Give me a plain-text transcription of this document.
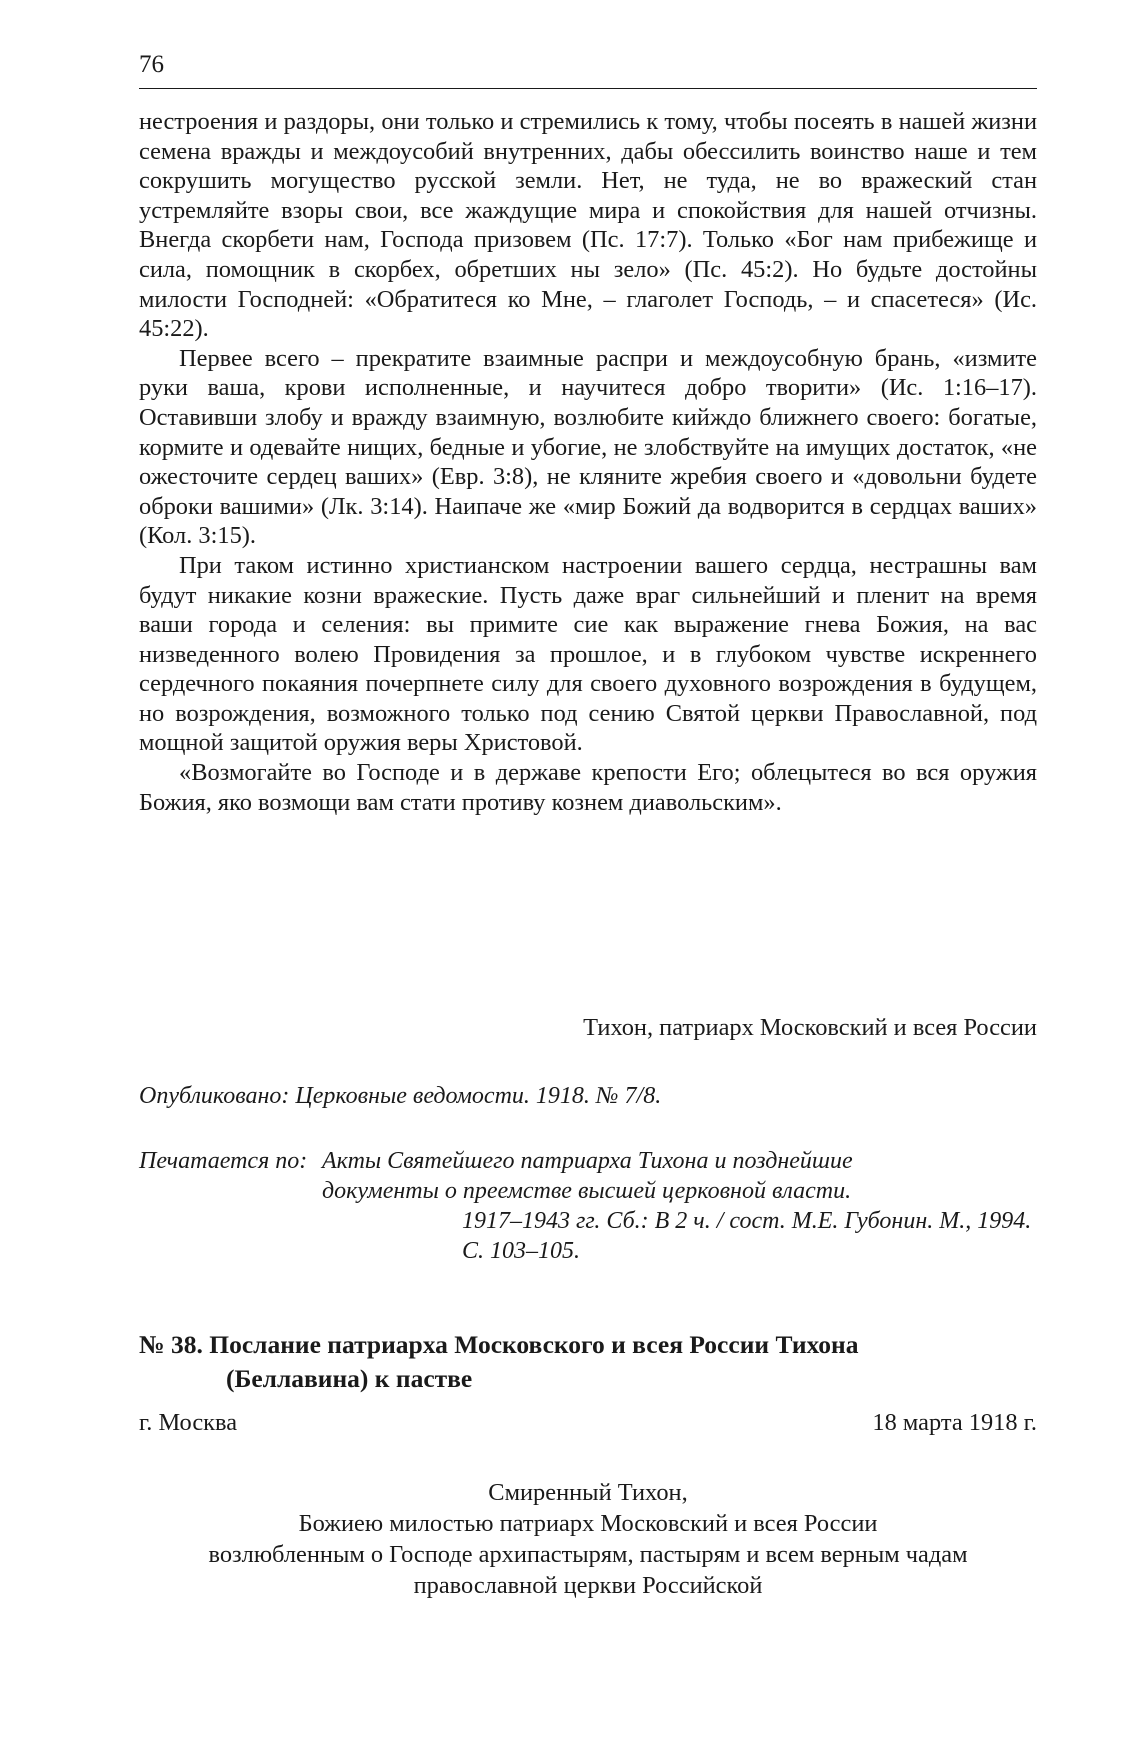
76

нестроения и раздоры, они только и стремились к тому, чтобы посеять в нашей жизни семена вражды и междоусобий внутренних, дабы обессилить воинство наше и тем сокрушить могущество русской земли. Нет, не туда, не во вражеский стан устремляйте взоры свои, все жаждущие мира и спокойствия для нашей отчизны. Внегда скорбети нам, Господа призовем (Пс. 17:7). Только «Бог нам прибежище и сила, помощник в скорбех, обретших ны зело» (Пс. 45:2). Но будьте достойны милости Господней: «Обратитеся ко Мне, – глаголет Господь, – и спасетеся» (Ис. 45:22).

Первее всего – прекратите взаимные распри и междоусобную брань, «измите руки ваша, крови исполненные, и научитеся добро творити» (Ис. 1:16–17). Оставивши злобу и вражду взаимную, возлюбите кийждо ближнего своего: богатые, кормите и одевайте нищих, бедные и убогие, не злобствуйте на имущих достаток, «не ожесточите сердец ваших» (Евр. 3:8), не кляните жребия своего и «довольни будете оброки вашими» (Лк. 3:14). Наипаче же «мир Божий да водворится в сердцах ваших» (Кол. 3:15).

При таком истинно христианском настроении вашего сердца, нестрашны вам будут никакие козни вражеские. Пусть даже враг сильнейший и пленит на время ваши города и селения: вы примите сие как выражение гнева Божия, на вас низведенного волею Провидения за прошлое, и в глубоком чувстве искреннего сердечного покаяния почерпнете силу для своего духовного возрождения в будущем, но возрождения, возможного только под сению Святой церкви Православной, под мощной защитой оружия веры Христовой.

«Возмогайте во Господе и в державе крепости Его; облецытеся во вся оружия Божия, яко возмощи вам стати противу кознем диавольским».

Тихон, патриарх Московский и всея России
Опубликовано: Церковные ведомости. 1918. № 7/8.
Печатается по: Акты Святейшего патриарха Тихона и позднейшие
документы о преемстве высшей церковной власти.
1917–1943 гг. Сб.: В 2 ч. / сост. М.Е. Губонин. М., 1994.
С. 103–105.
№ 38. Послание патриарха Московского и всея России Тихона
(Беллавина) к пастве
г. Москва	18 марта 1918 г.
Смиренный Тихон,
Божиею милостью патриарх Московский и всея России
возлюбленным о Господе архипастырям, пастырям и всем верным чадам
православной церкви Российской
